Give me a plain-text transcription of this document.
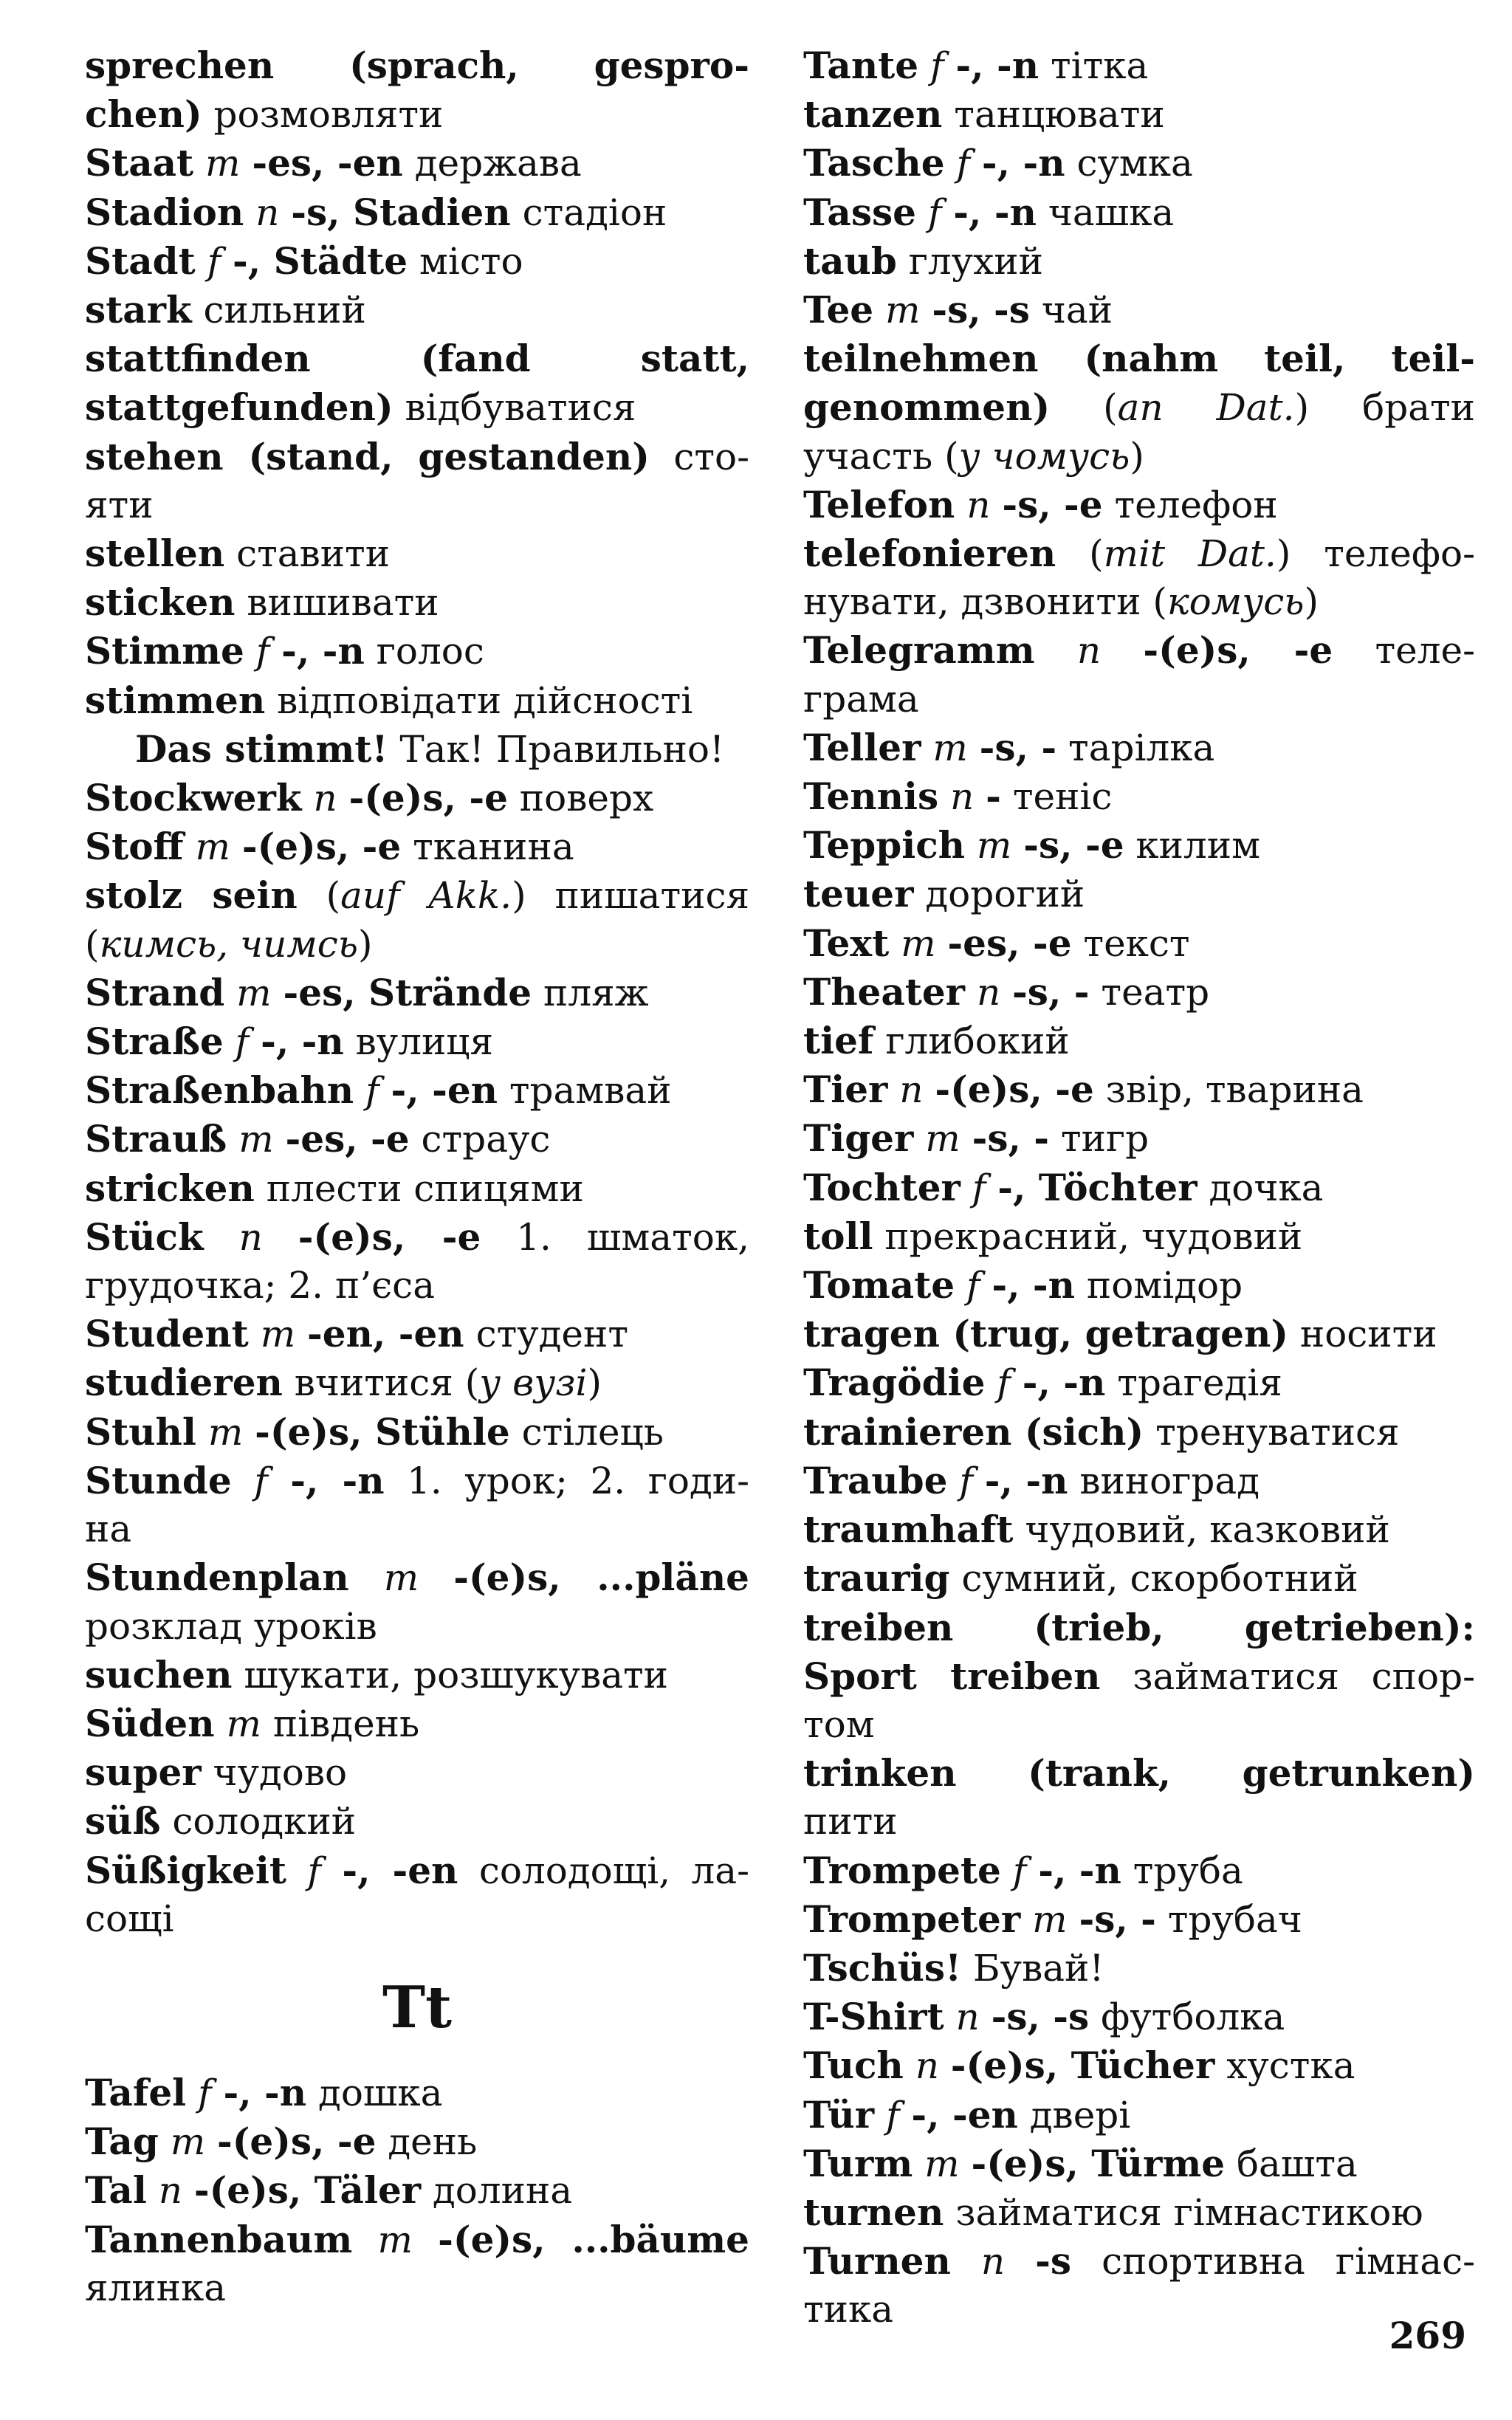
sprechen (sprach, gespro-
chen) розмовляти
Staat m -es, -en держава
Stadion n -s, Stadien стадіон
Stadt f -, Städte місто
stark сильний
stattfinden (fand statt,
stattgefunden) відбуватися
stehen (stand, gestanden) сто-
яти
stellen ставити
sticken вишивати
Stimme f -, -n голос
stimmen відповідати дійсності
Das stimmt! Так! Правильно!
Stockwerk n -(e)s, -e поверх
Stoff m -(e)s, -e тканина
stolz sein (auf Akk.) пишатися
(кимсь, чимсь)
Strand m -es, Strände пляж
Straße f -, -n вулиця
Straßenbahn f -, -en трамвай
Strauß m -es, -e страус
stricken плести спицями
Stück n -(e)s, -e 1. шматок,
грудочка; 2. п’єса
Student m -en, -en студент
studieren вчитися (у вузі)
Stuhl m -(e)s, Stühle стілець
Stunde f -, -n 1. урок; 2. годи-
на
Stundenplan m -(e)s, ...pläne
розклад уроків
suchen шукати, розшукувати
Süden m південь
super чудово
süß солодкий
Süßigkeit f -, -en солодощі, ла-
сощі
Tt
Tafel f -, -n дошка
Tag m -(e)s, -e день
Tal n -(e)s, Täler долина
Tannenbaum m -(e)s, ...bäume
ялинка
Tante f -, -n тітка
tanzen танцювати
Tasche f -, -n сумка
Tasse f -, -n чашка
taub глухий
Tee m -s, -s чай
teilnehmen (nahm teil, teil-
genommen) (an Dat.) брати
участь (у чомусь)
Telefon n -s, -e телефон
telefonieren (mit Dat.) телефо-
нувати, дзвонити (комусь)
Telegramm n -(e)s, -e теле-
грама
Teller m -s, - тарілка
Tennis n - теніс
Teppich m -s, -e килим
teuer дорогий
Text m -es, -e текст
Theater n -s, - театр
tief глибокий
Tier n -(e)s, -e звір, тварина
Tiger m -s, - тигр
Tochter f -, Töchter дочка
toll прекрасний, чудовий
Tomate f -, -n помідор
tragen (trug, getragen) носити
Tragödie f -, -n трагедія
trainieren (sich) тренуватися
Traube f -, -n виноград
traumhaft чудовий, казковий
traurig сумний, скорботний
treiben (trieb, getrieben):
Sport treiben займатися спор-
том
trinken (trank, getrunken)
пити
Trompete f -, -n труба
Trompeter m -s, - трубач
Tschüs! Бувай!
T-Shirt n -s, -s футболка
Tuch n -(e)s, Tücher хустка
Tür f -, -en двері
Turm m -(e)s, Türme башта
turnen займатися гімнастикою
Turnen n -s спортивна гімнас-
тика
269
